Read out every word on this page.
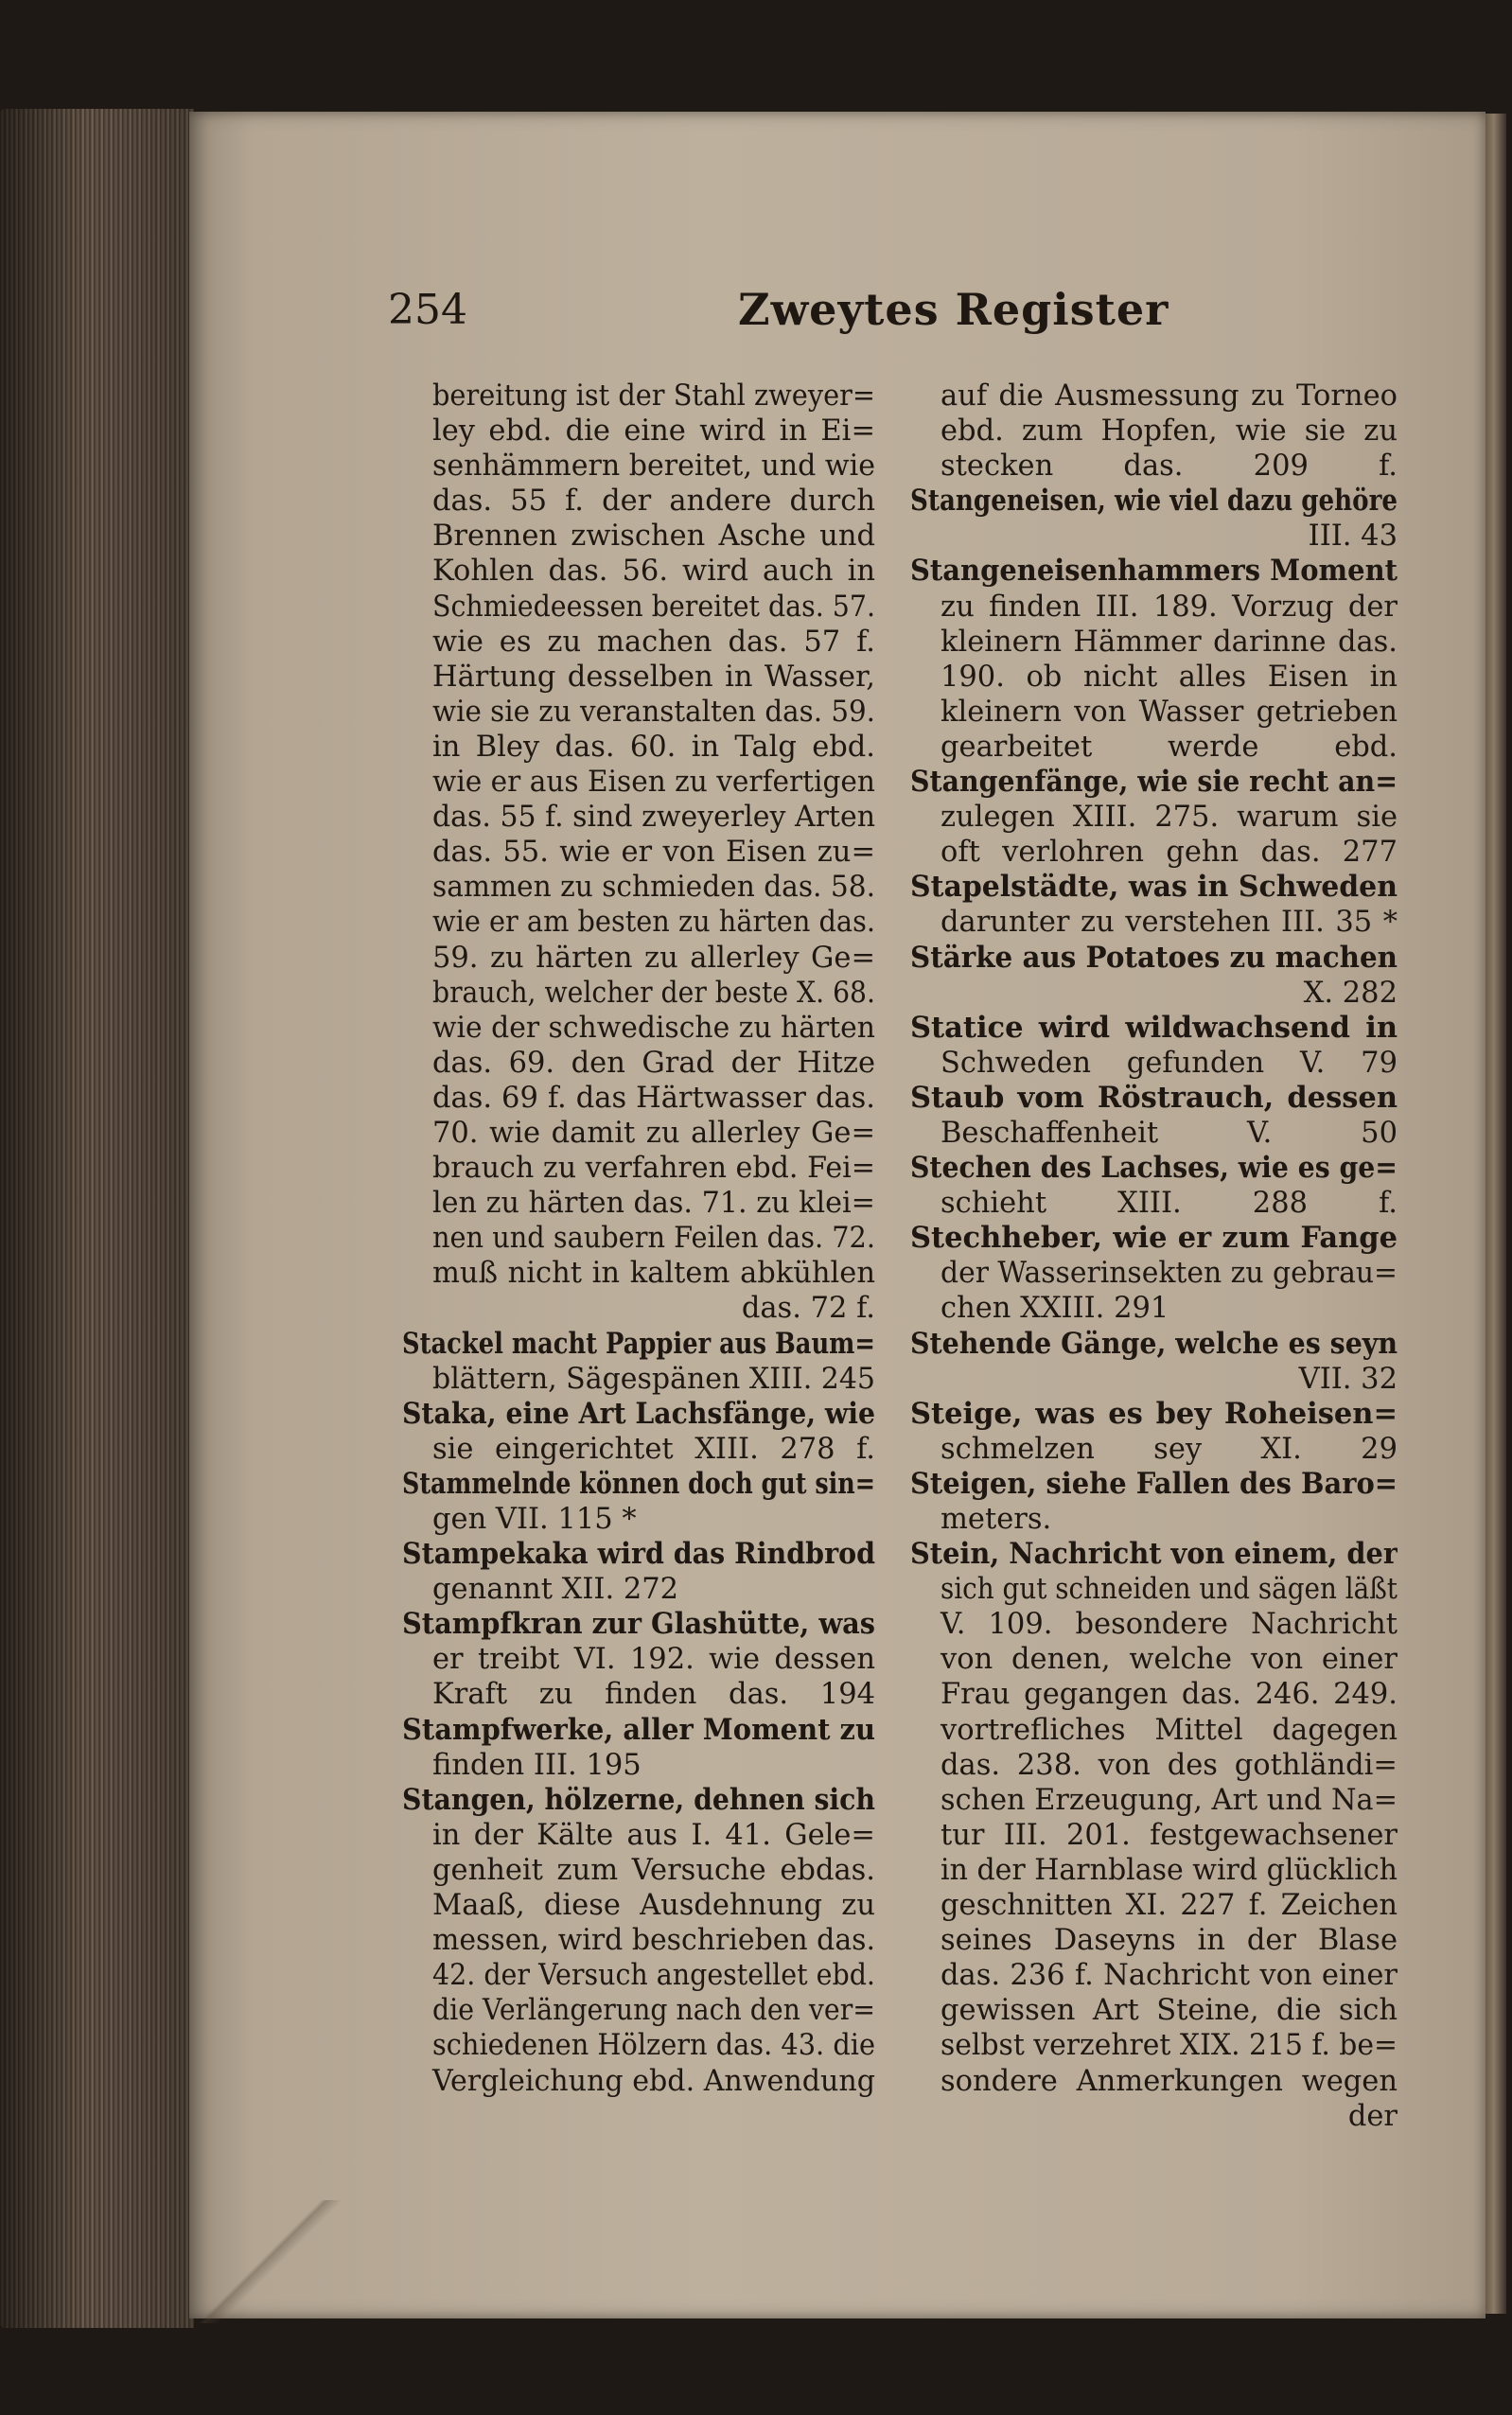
254	Zweytes Register
bereitung ist der Stahl zweyer=
ley ebd. die eine wird in Ei=
senhämmern bereitet, und wie
das. 55 f. der andere durch
Brennen zwischen Asche und
Kohlen das. 56. wird auch in
Schmiedeessen bereitet das. 57.
wie es zu machen das. 57 f.
Härtung desselben in Wasser,
wie sie zu veranstalten das. 59.
in Bley das. 60. in Talg ebd.
wie er aus Eisen zu verfertigen
das. 55 f. sind zweyerley Arten
das. 55. wie er von Eisen zu=
sammen zu schmieden das. 58.
wie er am besten zu härten das.
59. zu härten zu allerley Ge=
brauch, welcher der beste X. 68.
wie der schwedische zu härten
das. 69. den Grad der Hitze
das. 69 f. das Härtwasser das.
70. wie damit zu allerley Ge=
brauch zu verfahren ebd. Fei=
len zu härten das. 71. zu klei=
nen und saubern Feilen das. 72.
muß nicht in kaltem abkühlen
das. 72 f.
Stackel macht Pappier aus Baum=
blättern, Sägespänen XIII. 245
Staka, eine Art Lachsfänge, wie
sie eingerichtet XIII. 278 f.
Stammelnde können doch gut sin=
gen VII. 115 *
Stampekaka wird das Rindbrod
genannt XII. 272
Stampfkran zur Glashütte, was
er treibt VI. 192. wie dessen
Kraft zu finden das. 194
Stampfwerke, aller Moment zu
finden III. 195
Stangen, hölzerne, dehnen sich
in der Kälte aus I. 41. Gele=
genheit zum Versuche ebdas.
Maaß, diese Ausdehnung zu
messen, wird beschrieben das.
42. der Versuch angestellet ebd.
die Verlängerung nach den ver=
schiedenen Hölzern das. 43. die
Vergleichung ebd. Anwendung
auf die Ausmessung zu Torneo
ebd. zum Hopfen, wie sie zu
stecken das. 209 f.
Stangeneisen, wie viel dazu gehöre
III. 43
Stangeneisenhammers Moment
zu finden III. 189. Vorzug der
kleinern Hämmer darinne das.
190. ob nicht alles Eisen in
kleinern von Wasser getrieben
gearbeitet werde ebd.
Stangenfänge, wie sie recht an=
zulegen XIII. 275. warum sie
oft verlohren gehn das. 277
Stapelstädte, was in Schweden
darunter zu verstehen III. 35 *
Stärke aus Potatoes zu machen
X. 282
Statice wird wildwachsend in
Schweden gefunden V. 79
Staub vom Röstrauch, dessen
Beschaffenheit V. 50
Stechen des Lachses, wie es ge=
schieht XIII. 288 f.
Stechheber, wie er zum Fange
der Wasserinsekten zu gebrau=
chen XXIII. 291
Stehende Gänge, welche es seyn
VII. 32
Steige, was es bey Roheisen=
schmelzen sey XI. 29
Steigen, siehe Fallen des Baro=
meters.
Stein, Nachricht von einem, der
sich gut schneiden und sägen läßt
V. 109. besondere Nachricht
von denen, welche von einer
Frau gegangen das. 246. 249.
vortrefliches Mittel dagegen
das. 238. von des gothländi=
schen Erzeugung, Art und Na=
tur III. 201. festgewachsener
in der Harnblase wird glücklich
geschnitten XI. 227 f. Zeichen
seines Daseyns in der Blase
das. 236 f. Nachricht von einer
gewissen Art Steine, die sich
selbst verzehret XIX. 215 f. be=
sondere Anmerkungen wegen
der
